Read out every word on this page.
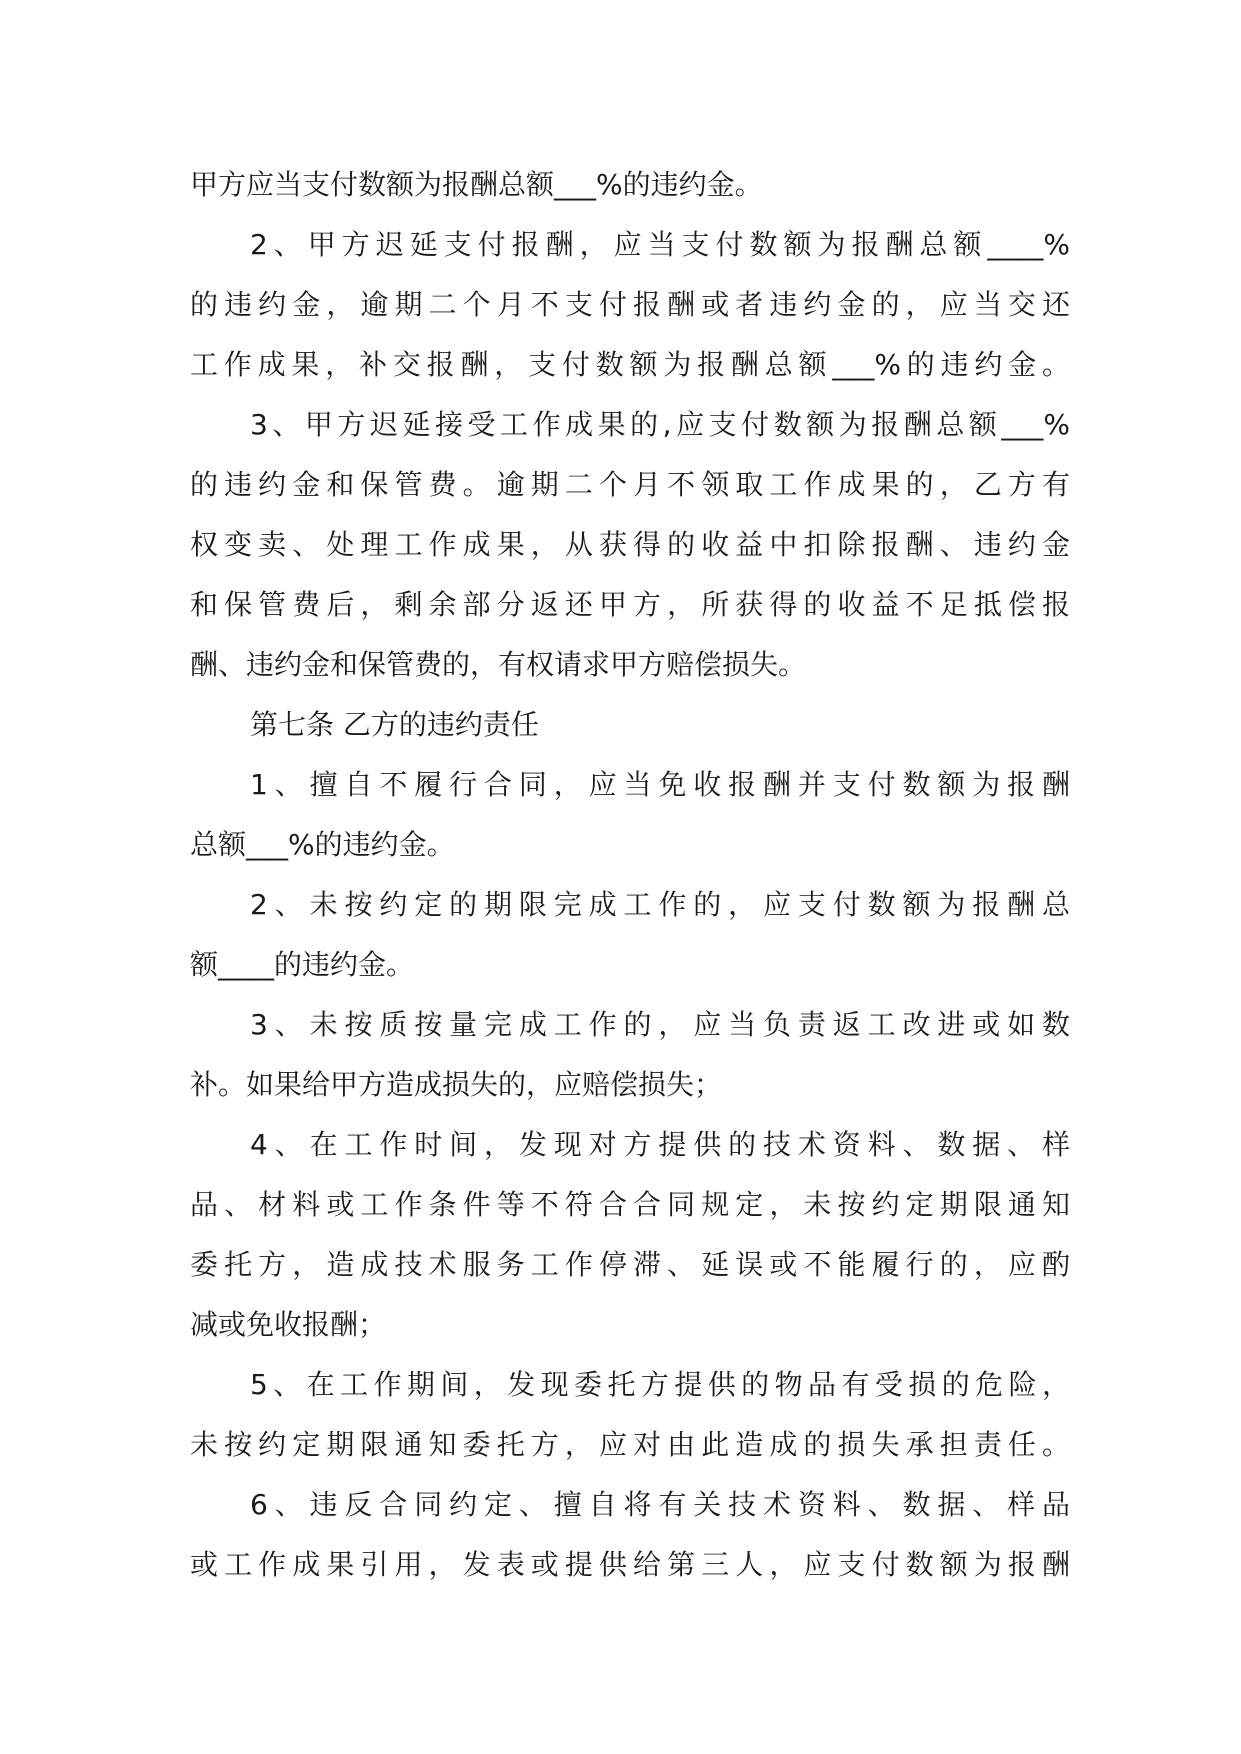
甲方应当支付数额为报酬总额___%的违约金。
2、甲方迟延支付报酬，应当支付数额为报酬总额____%
的违约金，逾期二个月不支付报酬或者违约金的，应当交还
工作成果，补交报酬，支付数额为报酬总额___%的违约金。
3、甲方迟延接受工作成果的,应支付数额为报酬总额___%
的违约金和保管费。逾期二个月不领取工作成果的，乙方有
权变卖、处理工作成果，从获得的收益中扣除报酬、违约金
和保管费后，剩余部分返还甲方，所获得的收益不足抵偿报
酬、违约金和保管费的，有权请求甲方赔偿损失。
第七条 乙方的违约责任
1、擅自不履行合同，应当免收报酬并支付数额为报酬
总额___%的违约金。
2、未按约定的期限完成工作的，应支付数额为报酬总
额____的违约金。
3、未按质按量完成工作的，应当负责返工改进或如数
补。如果给甲方造成损失的，应赔偿损失；
4、在工作时间，发现对方提供的技术资料、数据、样
品、材料或工作条件等不符合合同规定，未按约定期限通知
委托方，造成技术服务工作停滞、延误或不能履行的，应酌
减或免收报酬；
5、在工作期间，发现委托方提供的物品有受损的危险，
未按约定期限通知委托方，应对由此造成的损失承担责任。
6、违反合同约定、擅自将有关技术资料、数据、样品
或工作成果引用，发表或提供给第三人，应支付数额为报酬
